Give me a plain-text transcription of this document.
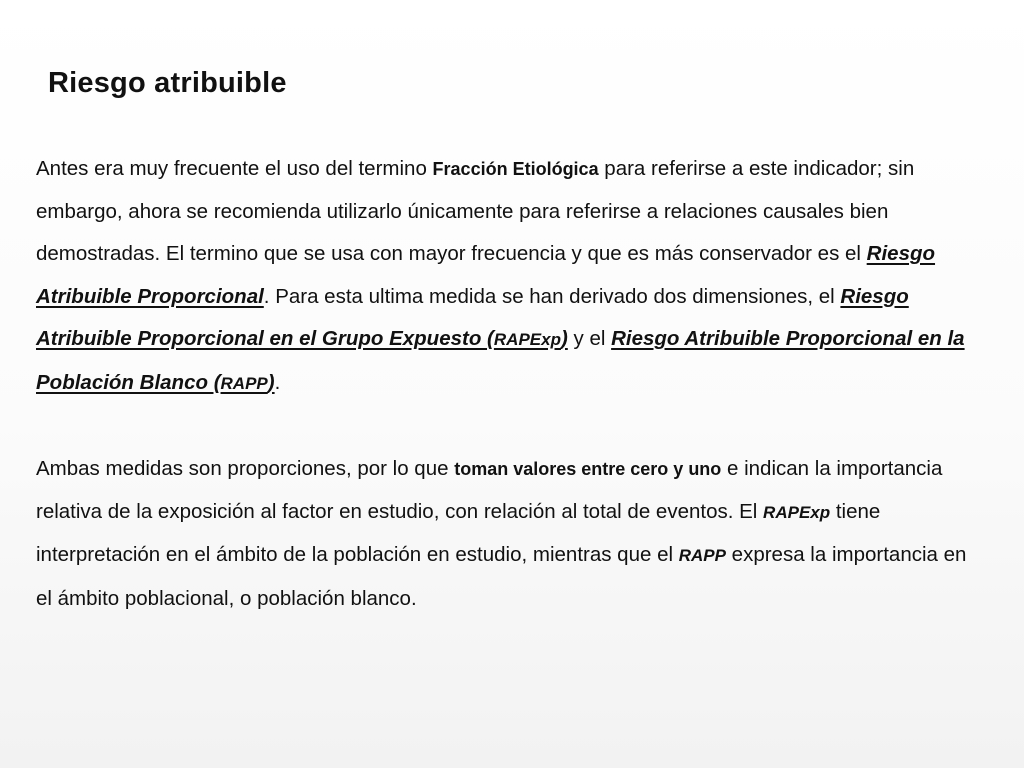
Riesgo atribuible

Antes era muy frecuente el uso del termino Fracción Etiológica para referirse a este indicador; sin embargo, ahora se recomienda utilizarlo únicamente para referirse a relaciones causales bien demostradas. El termino que se usa con mayor frecuencia y que es más conservador es el Riesgo Atribuible Proporcional. Para esta ultima medida se han derivado dos dimensiones, el Riesgo Atribuible Proporcional en el Grupo Expuesto (RAPExp) y el Riesgo Atribuible Proporcional en la Población Blanco (RAPP).

Ambas medidas son proporciones, por lo que toman valores entre cero y uno e indican la importancia relativa de la exposición al factor en estudio, con relación al total de eventos. El RAPExp tiene interpretación en el ámbito de la población en estudio, mientras que el RAPP expresa la importancia en el ámbito poblacional, o población blanco.
